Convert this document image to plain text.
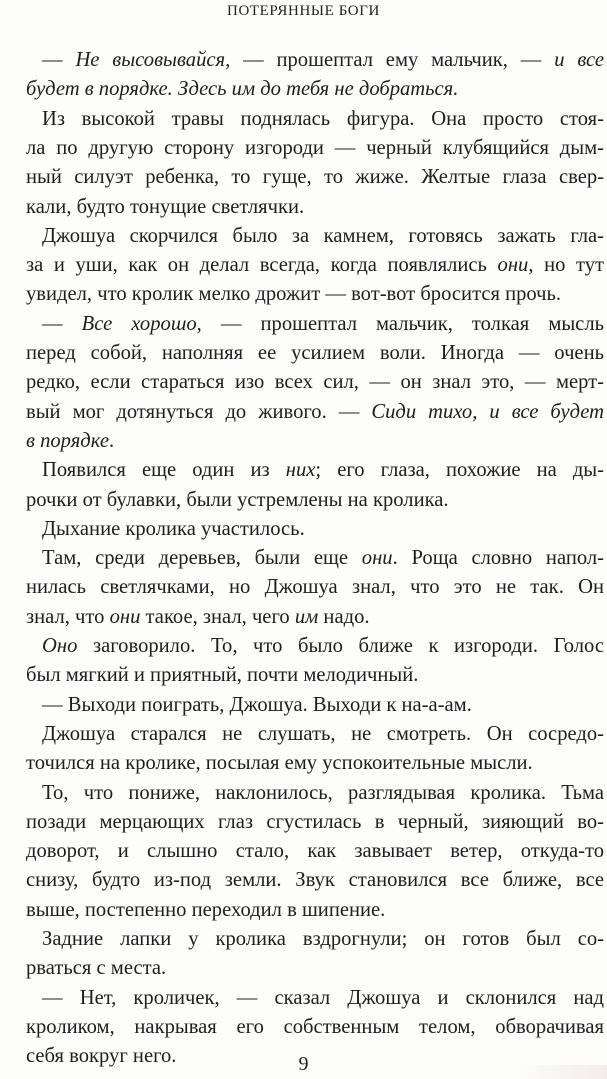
ПОТЕРЯННЫЕ БОГИ
— Не высовывайся, — прошептал ему мальчик, — и все
будет в порядке. Здесь им до тебя не добраться.
Из высокой травы поднялась фигура. Она просто стоя-
ла по другую сторону изгороди — черный клубящийся дым-
ный силуэт ребенка, то гуще, то жиже. Желтые глаза свер-
кали, будто тонущие светлячки.
Джошуа скорчился было за камнем, готовясь зажать гла-
за и уши, как он делал всегда, когда появлялись они, но тут
увидел, что кролик мелко дрожит — вот-вот бросится прочь.
— Все хорошо, — прошептал мальчик, толкая мысль
перед собой, наполняя ее усилием воли. Иногда — очень
редко, если стараться изо всех сил, — он знал это, — мерт-
вый мог дотянуться до живого. — Сиди тихо, и все будет
в порядке.
Появился еще один из них; его глаза, похожие на ды-
рочки от булавки, были устремлены на кролика.
Дыхание кролика участилось.
Там, среди деревьев, были еще они. Роща словно напол-
нилась светлячками, но Джошуа знал, что это не так. Он
знал, что они такое, знал, чего им надо.
Оно заговорило. То, что было ближе к изгороди. Голос
был мягкий и приятный, почти мелодичный.
— Выходи поиграть, Джошуа. Выходи к на-а-ам.
Джошуа старался не слушать, не смотреть. Он сосредо-
точился на кролике, посылая ему успокоительные мысли.
То, что пониже, наклонилось, разглядывая кролика. Тьма
позади мерцающих глаз сгустилась в черный, зияющий во-
доворот, и слышно стало, как завывает ветер, откуда-то
снизу, будто из-под земли. Звук становился все ближе, все
выше, постепенно переходил в шипение.
Задние лапки у кролика вздрогнули; он готов был со-
рваться с места.
— Нет, кроличек, — сказал Джошуа и склонился над
кроликом, накрывая его собственным телом, обворачивая
себя вокруг него.	9
